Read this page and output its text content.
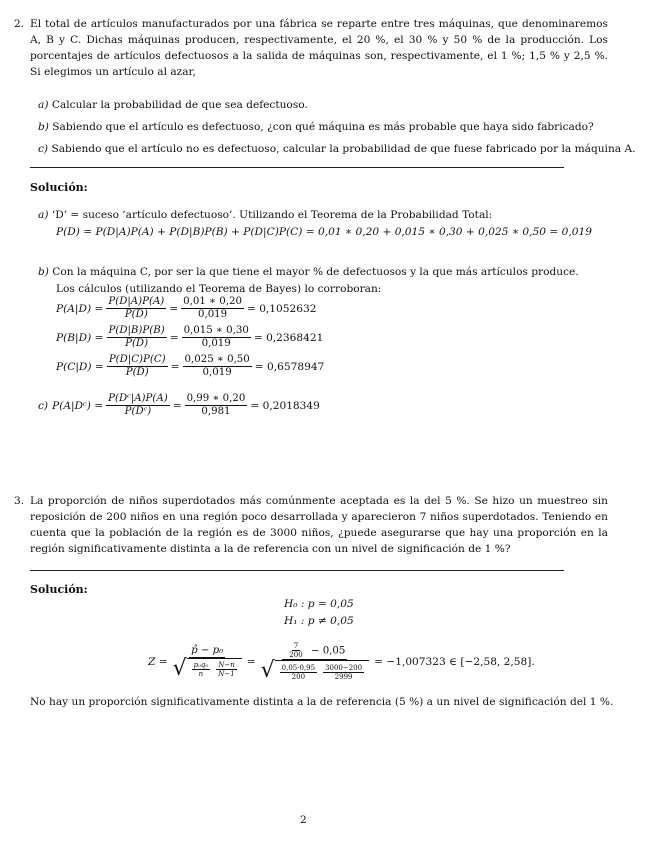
2. El total de artículos manufacturados por una fábrica se reparte entre tres máquinas, que denominaremos A, B y C. Dichas máquinas producen, respectivamente, el 20 %, el 30 % y 50 % de la producción. Los porcentajes de artículos defectuosos a la salida de máquinas son, respectivamente, el 1 %; 1,5 % y 2,5 %. Si elegimos un artículo al azar,
a) Calcular la probabilidad de que sea defectuoso.
b) Sabiendo que el artículo es defectuoso, ¿con qué máquina es más probable que haya sido fabricado?
c) Sabiendo que el artículo no es defectuoso, calcular la probabilidad de que fuese fabricado por la máquina A.
Solución:
a) ‘D’ = suceso ‘artículo defectuoso’. Utilizando el Teorema de la Probabilidad Total:
P(D) = P(D|A)P(A) + P(D|B)P(B) + P(D|C)P(C) = 0,01 ∗ 0,20 + 0,015 ∗ 0,30 + 0,025 ∗ 0,50 = 0,019
b) Con la máquina C, por ser la que tiene el mayor % de defectuosos y la que más artículos produce.
Los cálculos (utilizando el Teorema de Bayes) lo corroboran:
$P(A|D) = \frac{P(D|A)P(A)}{P(D)} = \frac{0,01 ∗ 0,20}{0,019} = 0,1052632$
$P(B|D) = \frac{P(D|B)P(B)}{P(D)} = \frac{0,015 ∗ 0,30}{0,019} = 0,2368421$
$P(C|D) = \frac{P(D|C)P(C)}{P(D)} = \frac{0,025 ∗ 0,50}{0,019} = 0,6578947$
c) P(A|Dᶜ) = $\frac{\text{P(Dᶜ|A)P(A)}}{\text{P(Dᶜ)}} = \frac{0,99 ∗ 0,20}{0,981} = 0,2018349$
3. La proporción de niños superdotados más comúnmente aceptada es la del 5 %. Se hizo un muestreo sin reposición de 200 niños en una región poco desarrollada y aparecieron 7 niños superdotados. Teniendo en cuenta que la población de la región es de 3000 niños, ¿puede asegurarse que hay una proporción en la región significativamente distinta a la de referencia con un nivel de significación de 1 %?
Solución:
H₀ : p = 0,05
H₁ : p ≠ 0,05
$Z = \frac{\text{p̂ − p₀}}{√ \frac{\text{p₀q₀}}{n} \frac{N-n}{N-1}} = \frac{\frac{7}{200} - 0,05}{√ \frac{0,05\cdot 0,95}{200} \frac{3000-200}{2999}} = -1,007323$ ∈ [−2,58, 2,58].
No hay un proporción significativamente distinta a la de referencia (5 %) a un nivel de significación del 1 %.
2
